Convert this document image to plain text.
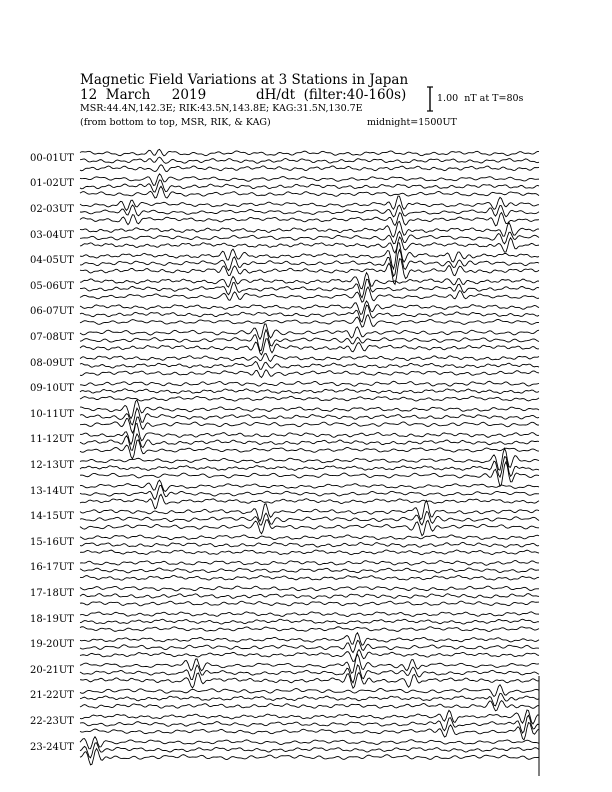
Magnetic Field Variations at 3 Stations in Japan
12  March     2019	dH/dt  (filter:40-160s)
MSR:44.4N,142.3E; RIK:43.5N,143.8E; KAG:31.5N,130.7E
(from bottom to top, MSR, RIK, & KAG)	midnight=1500UT
1.00  nT at T=80s
00-01UT
01-02UT
02-03UT
03-04UT
04-05UT
05-06UT
06-07UT
07-08UT
08-09UT
09-10UT
10-11UT
11-12UT
12-13UT
13-14UT
14-15UT
15-16UT
16-17UT
17-18UT
18-19UT
19-20UT
20-21UT
21-22UT
22-23UT
23-24UT
